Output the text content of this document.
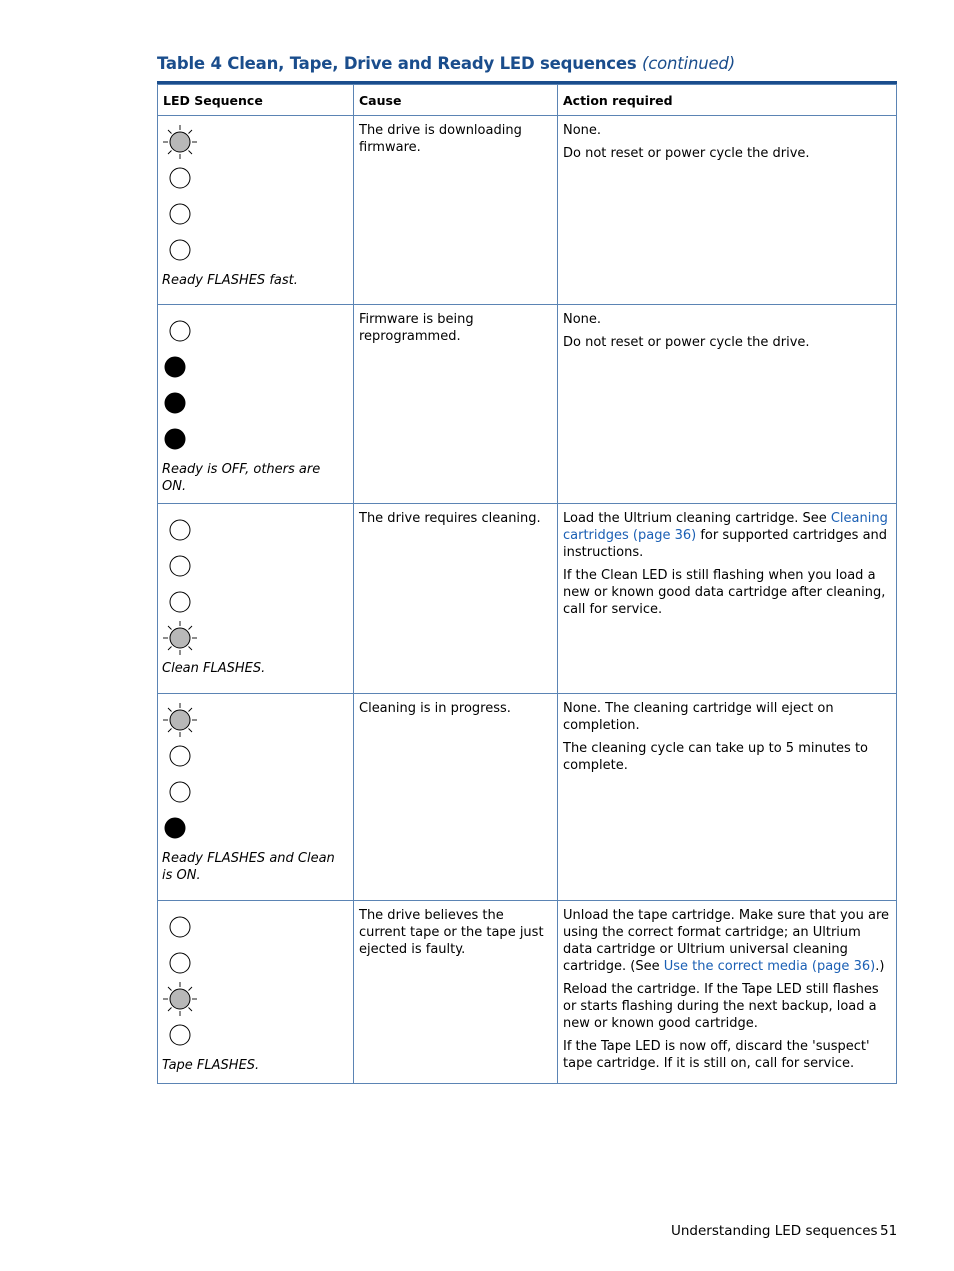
Table 4 Clean, Tape, Drive and Ready LED sequences (continued)
LED Sequence	Cause	Action required

Ready FLASHES fast.	The drive is downloading firmware.	None.
Do not reset or power cycle the drive.

Ready is OFF, others are ON.	Firmware is being reprogrammed.	None.
Do not reset or power cycle the drive.

Clean FLASHES.	The drive requires cleaning.	Load the Ultrium cleaning cartridge. See Cleaning cartridges (page 36) for supported cartridges and instructions.
If the Clean LED is still flashing when you load a new or known good data cartridge after cleaning, call for service.

Ready FLASHES and Clean is ON.	Cleaning is in progress.	None. The cleaning cartridge will eject on completion.
The cleaning cycle can take up to 5 minutes to complete.

Tape FLASHES.	The drive believes the current tape or the tape just ejected is faulty.	Unload the tape cartridge. Make sure that you are using the correct format cartridge; an Ultrium data cartridge or Ultrium universal cleaning cartridge. (See Use the correct media (page 36).)
Reload the cartridge. If the Tape LED still flashes or starts flashing during the next backup, load a new or known good cartridge.
If the Tape LED is now off, discard the 'suspect' tape cartridge. If it is still on, call for service.
Understanding LED sequences 51
